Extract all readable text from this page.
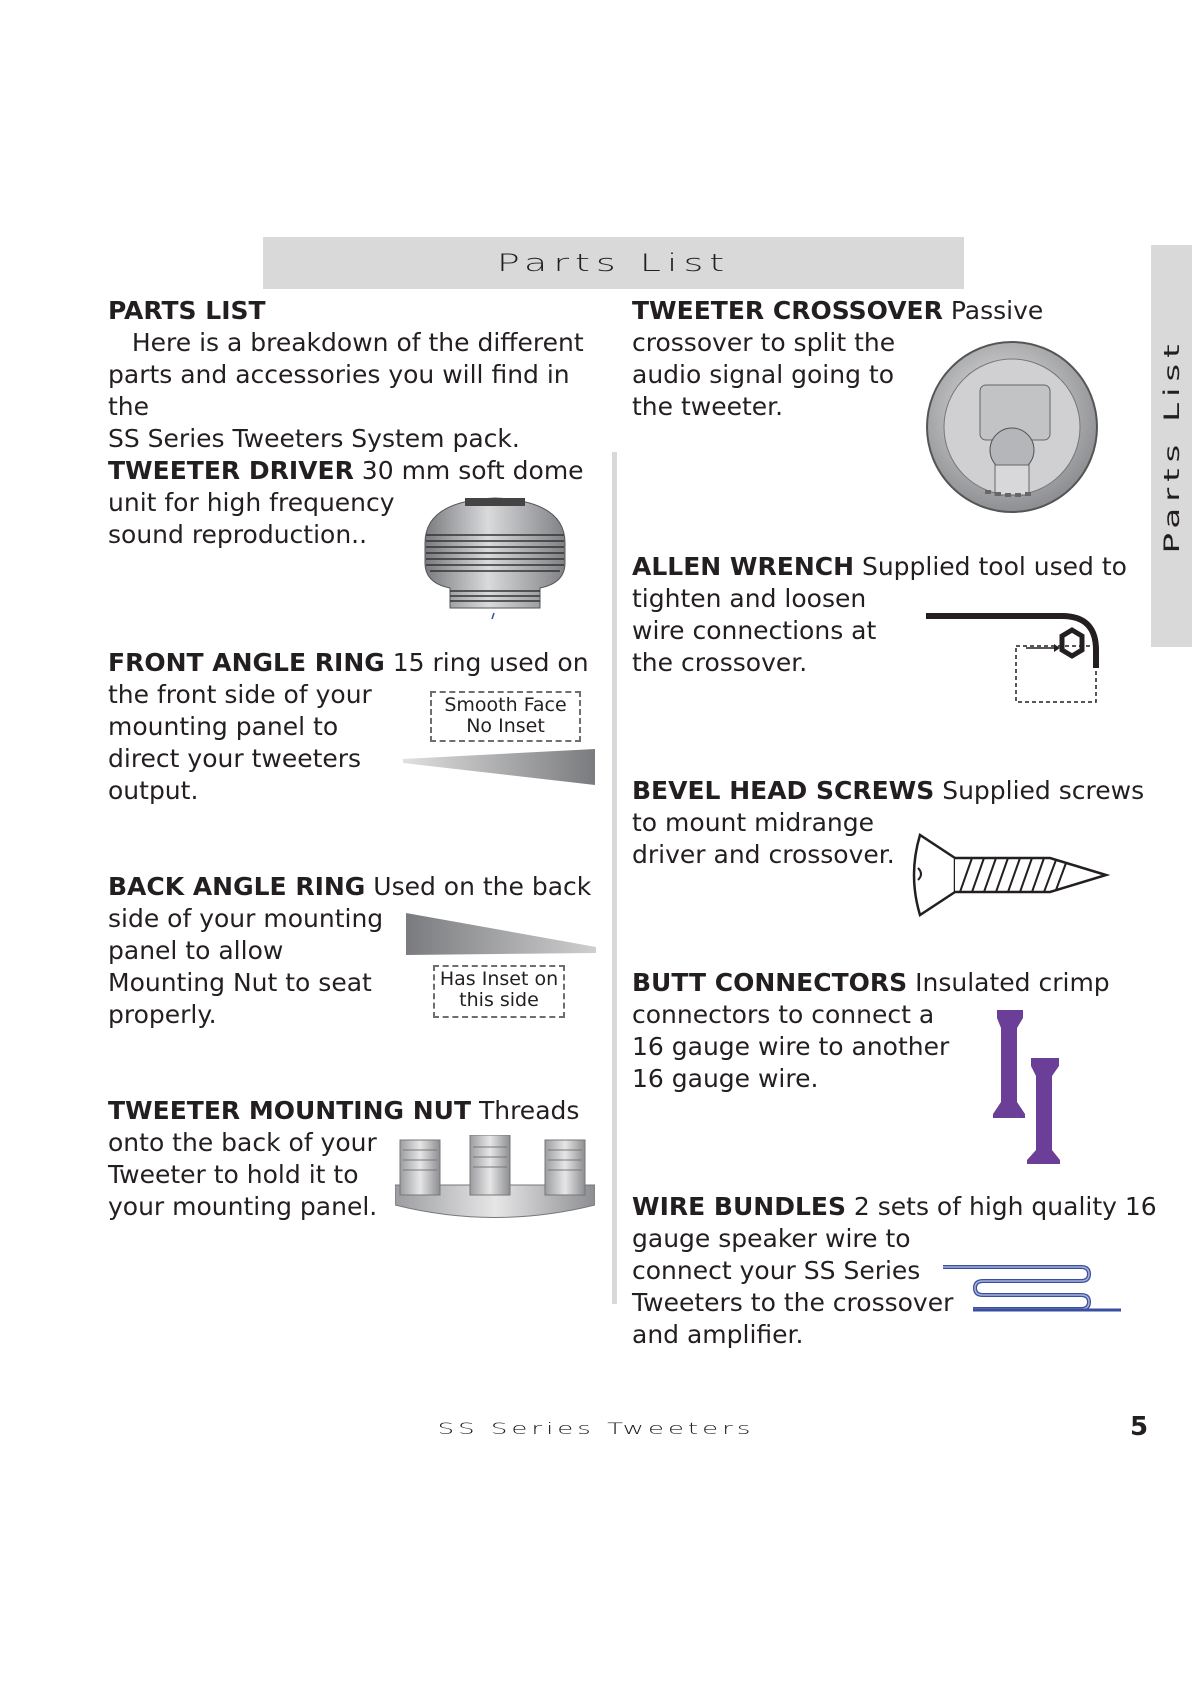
Parts List
Parts List
PARTS LIST
Here is a breakdown of the different
parts and accessories you will find in the
SS Series Tweeters System pack.
TWEETER DRIVER 30 mm soft dome
unit for high frequency
sound reproduction..
FRONT ANGLE RING 15 ring used on
the front side of your
mounting panel to
direct your tweeters
output.
Smooth Face
No Inset
BACK ANGLE RING Used on the back
side of your mounting
panel to allow
Mounting Nut to seat
properly.
Has Inset on
this side
TWEETER MOUNTING NUT Threads
onto the back of your
Tweeter to hold it to
your mounting panel.
TWEETER CROSSOVER Passive
crossover to split the
audio signal going to
the tweeter.
ALLEN WRENCH Supplied tool used to
tighten and loosen
wire connections at
the crossover.
BEVEL HEAD SCREWS Supplied screws
to mount midrange
driver and crossover.
BUTT CONNECTORS Insulated crimp
connectors to connect a
16 gauge wire to another
16 gauge wire.
WIRE BUNDLES 2 sets of high quality 16
gauge speaker wire to
connect your SS Series
Tweeters to the crossover
and amplifier.
SS Series Tweeters	5
